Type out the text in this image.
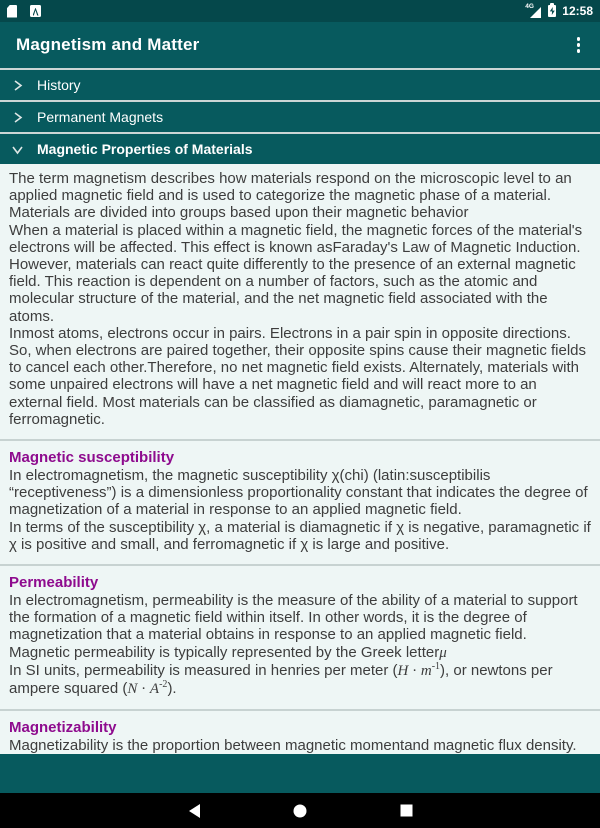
4G 12:58
Magnetism and Matter
History
Permanent Magnets
Magnetic Properties of Materials

The term magnetism describes how materials respond on the microscopic level to an applied magnetic field and is used to categorize the magnetic phase of a material. Materials are divided into groups based upon their magnetic behavior

When a material is placed within a magnetic field, the magnetic forces of the material's electrons will be affected. This effect is known asFaraday's Law of Magnetic Induction. However, materials can react quite differently to the presence of an external magnetic field. This reaction is dependent on a number of factors, such as the atomic and molecular structure of the material, and the net magnetic field associated with the atoms.

Inmost atoms, electrons occur in pairs. Electrons in a pair spin in opposite directions. So, when electrons are paired together, their opposite spins cause their magnetic fields to cancel each other.Therefore, no net magnetic field exists. Alternately, materials with some unpaired electrons will have a net magnetic field and will react more to an external field. Most materials can be classified as diamagnetic, paramagnetic or ferromagnetic.

Magnetic susceptibility

In electromagnetism, the magnetic susceptibility χ(chi) (latin:susceptibilis “receptiveness”) is a dimensionless proportionality constant that indicates the degree of magnetization of a material in response to an applied magnetic field.

In terms of the susceptibility χ, a material is diamagnetic if χ is negative, paramagnetic if χ is positive and small, and ferromagnetic if χ is large and positive.

Permeability

In electromagnetism, permeability is the measure of the ability of a material to support the formation of a magnetic field within itself. In other words, it is the degree of magnetization that a material obtains in response to an applied magnetic field.

Magnetic permeability is typically represented by the Greek letterμ

In SI units, permeability is measured in henries per meter $(H \cdot m^{-1})$, or newtons per ampere squared $(N \cdot A^{-2})$.

Magnetizability

Magnetizability is the proportion between magnetic momentand magnetic flux density.
